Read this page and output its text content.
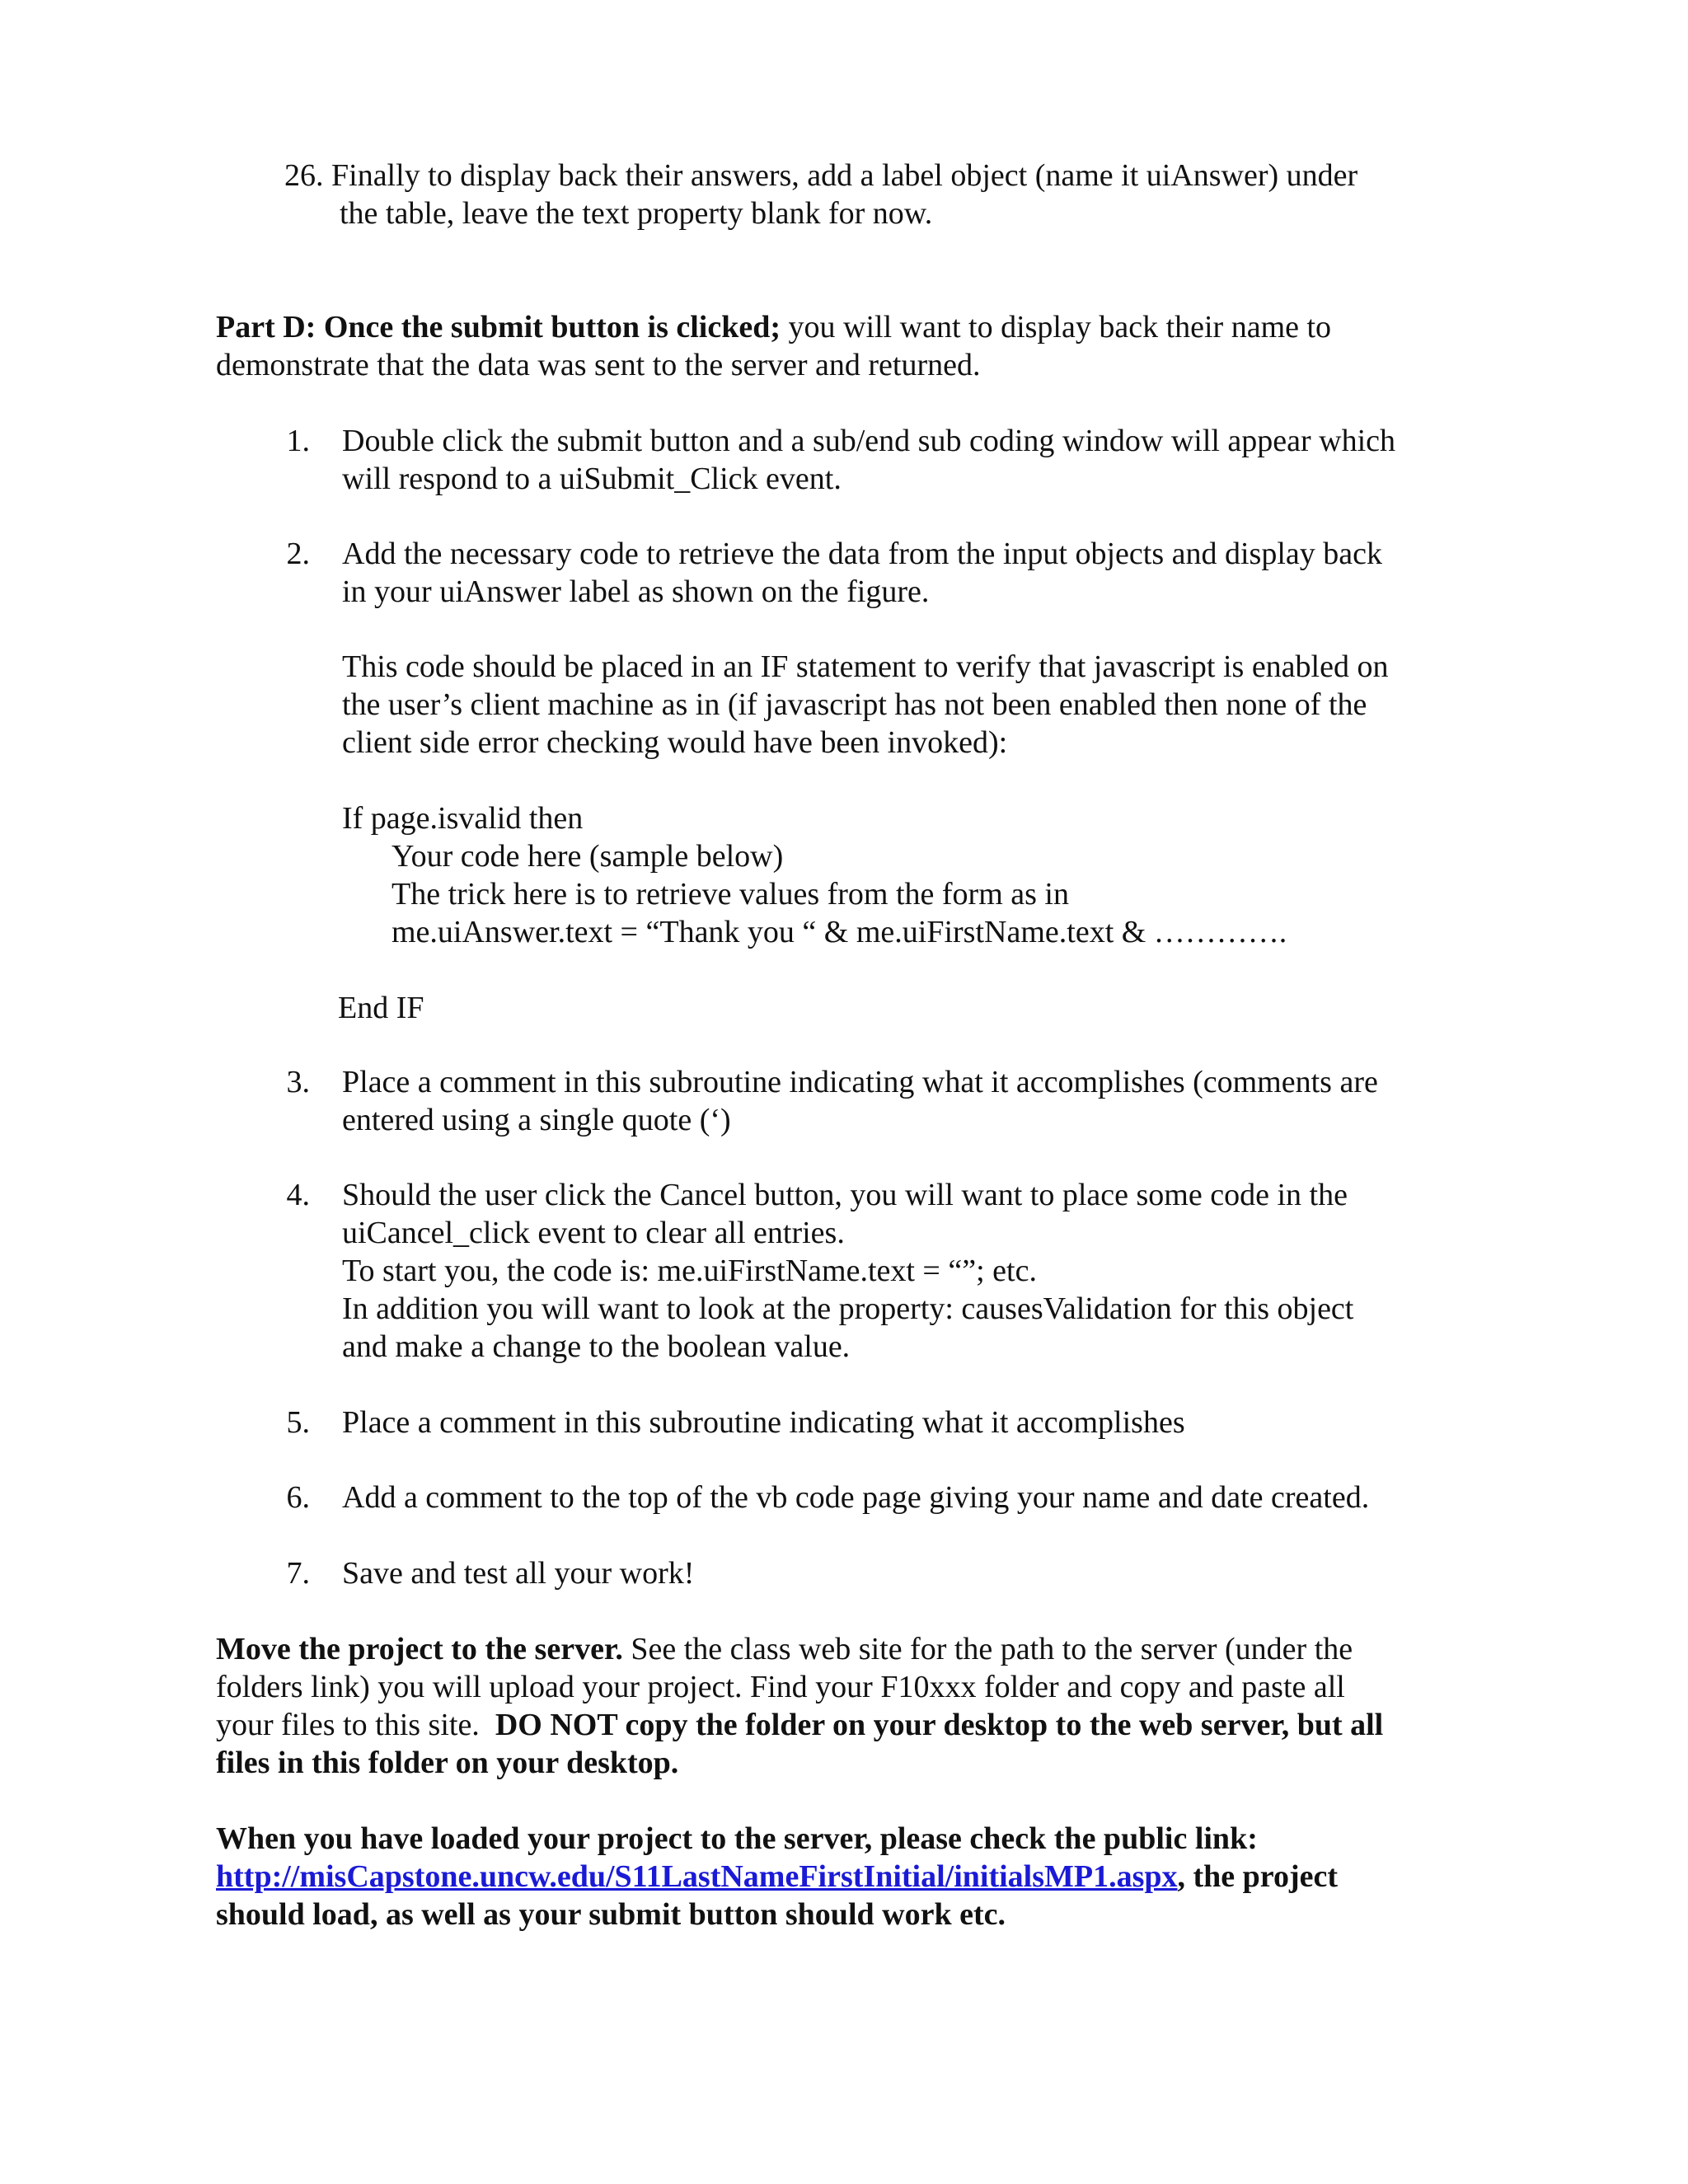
26. Finally to display back their answers, add a label object (name it uiAnswer) under
the table, leave the text property blank for now.
Part D: Once the submit button is clicked; you will want to display back their name to
demonstrate that the data was sent to the server and returned.
1. Double click the submit button and a sub/end sub coding window will appear which
will respond to a uiSubmit_Click event.
2. Add the necessary code to retrieve the data from the input objects and display back
in your uiAnswer label as shown on the figure.
This code should be placed in an IF statement to verify that javascript is enabled on
the user’s client machine as in (if javascript has not been enabled then none of the
client side error checking would have been invoked):
If page.isvalid then
Your code here (sample below)
The trick here is to retrieve values from the form as in
me.uiAnswer.text = “Thank you “ & me.uiFirstName.text & ………….
End IF
3. Place a comment in this subroutine indicating what it accomplishes (comments are
entered using a single quote (‘)
4. Should the user click the Cancel button, you will want to place some code in the
uiCancel_click event to clear all entries.
To start you, the code is: me.uiFirstName.text = “”; etc.
In addition you will want to look at the property: causesValidation for this object
and make a change to the boolean value.
5. Place a comment in this subroutine indicating what it accomplishes
6. Add a comment to the top of the vb code page giving your name and date created.
7. Save and test all your work!
Move the project to the server. See the class web site for the path to the server (under the
folders link) you will upload your project. Find your F10xxx folder and copy and paste all
your files to this site.  DO NOT copy the folder on your desktop to the web server, but all
files in this folder on your desktop.
When you have loaded your project to the server, please check the public link:
http://misCapstone.uncw.edu/S11LastNameFirstInitial/initialsMP1.aspx, the project
should load, as well as your submit button should work etc.
